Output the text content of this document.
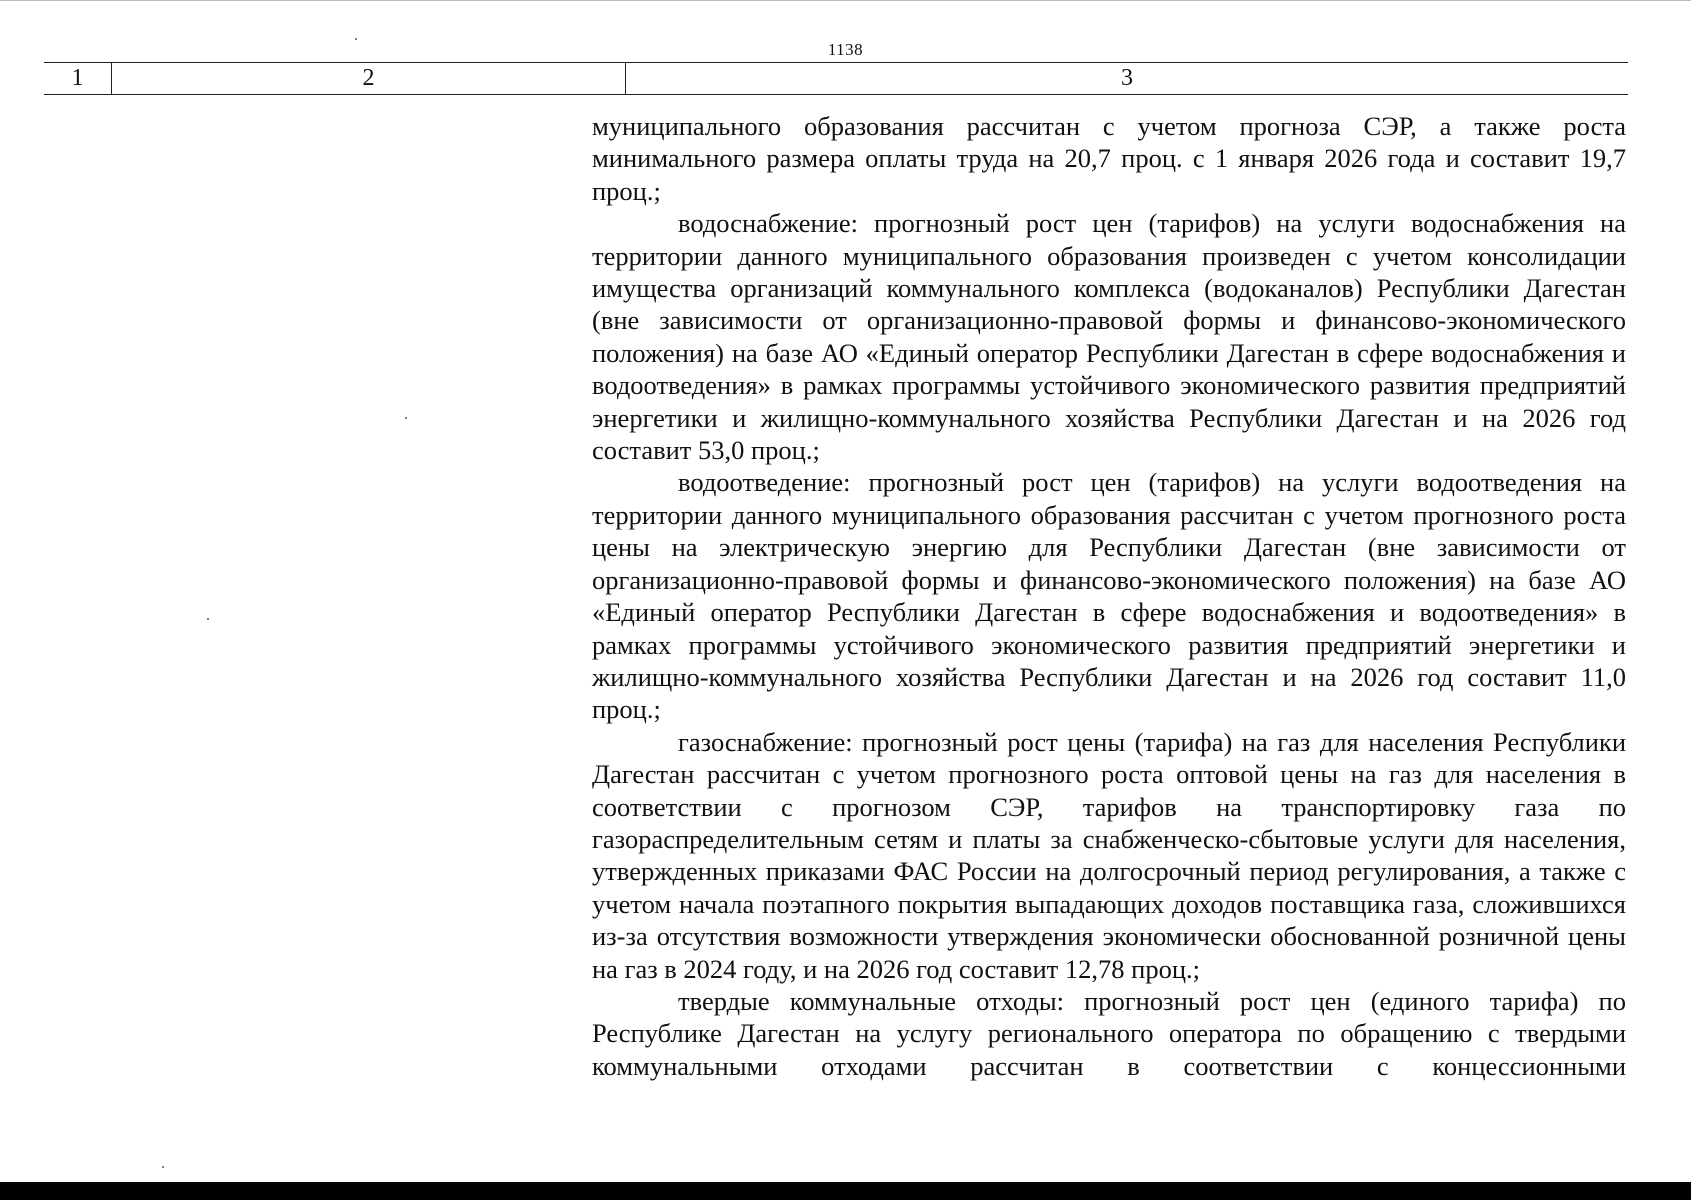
1138
1	2	3

муниципального образования рассчитан с учетом прогноза СЭР, а также роста минимального размера оплаты труда на 20,7 проц. с 1 января 2026 года и составит 19,7 проц.;

водоснабжение: прогнозный рост цен (тарифов) на услуги водоснабжения на территории данного муниципального образования произведен с учетом консолидации имущества организаций коммунального комплекса (водоканалов) Республики Дагестан (вне зависимости от организационно-правовой формы и финансово-экономического положения) на базе АО «Единый оператор Республики Дагестан в сфере водоснабжения и водоотведения» в рамках программы устойчивого экономического развития предприятий энергетики и жилищно-коммунального хозяйства Республики Дагестан и на 2026 год составит 53,0 проц.;

водоотведение: прогнозный рост цен (тарифов) на услуги водоотведения на территории данного муниципального образования рассчитан с учетом прогнозного роста цены на электрическую энергию для Республики Дагестан (вне зависимости от организационно-правовой формы и финансово-экономического положения) на базе АО «Единый оператор Республики Дагестан в сфере водоснабжения и водоотведения» в рамках программы устойчивого экономического развития предприятий энергетики и жилищно-коммунального хозяйства Республики Дагестан и на 2026 год составит 11,0 проц.;

газоснабжение: прогнозный рост цены (тарифа) на газ для населения Республики Дагестан рассчитан с учетом прогнозного роста оптовой цены на газ для населения в соответствии с прогнозом СЭР, тарифов на транспортировку газа по газораспределительным сетям и платы за снабженческо-сбытовые услуги для населения, утвержденных приказами ФАС России на долгосрочный период регулирования, а также с учетом начала поэтапного покрытия выпадающих доходов поставщика газа, сложившихся из-за отсутствия возможности утверждения экономически обоснованной розничной цены на газ в 2024 году, и на 2026 год составит 12,78 проц.;

твердые коммунальные отходы: прогнозный рост цен (единого тарифа) по Республике Дагестан на услугу регионального оператора по обращению с твердыми коммунальными отходами рассчитан в соответствии с концессионными
